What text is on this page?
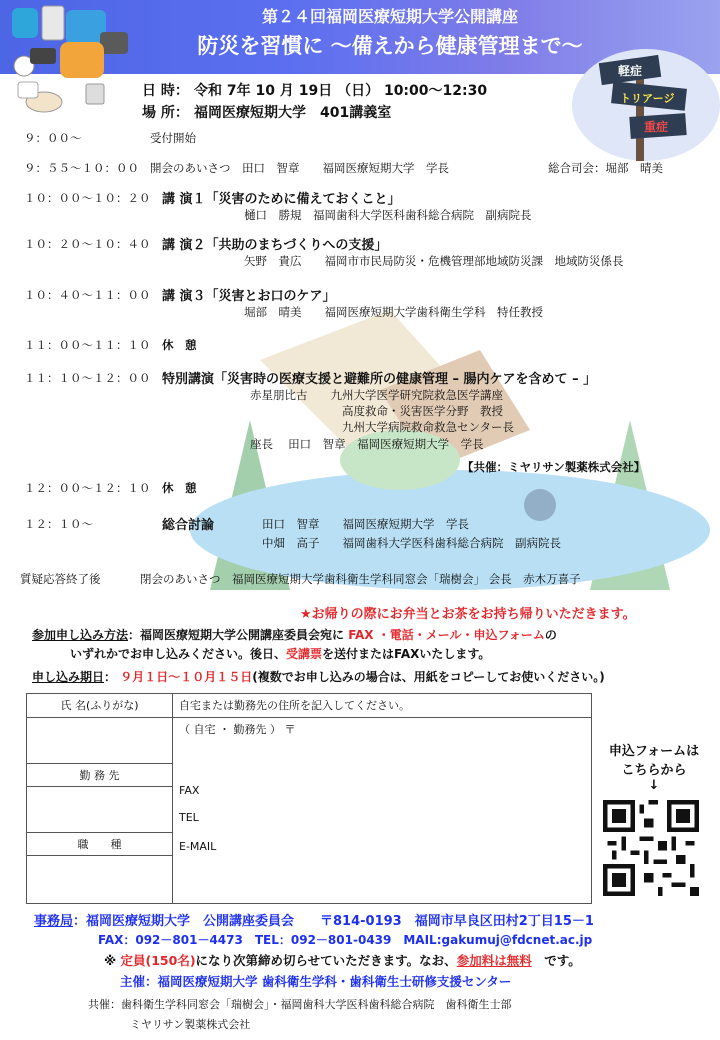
第２４回福岡医療短期大学公開講座
防災を習慣に ～備えから健康管理まで～
軽症
トリアージ
重症
日 時： 令和 7年 10 月 19日 （日） 10:00～12:30
場 所： 福岡医療短期大学　401講義室
９：００～	受付開始
９：５５～１０：００ 開会のあいさつ　田口　智章　　福岡医療短期大学　学長	総合司会：堀部　晴美
１０：００～１０：２０ 講 演１「災害のために備えておくこと」
樋口　勝規　福岡歯科大学医科歯科総合病院　副病院長
１０：２０～１０：４０ 講 演２「共助のまちづくりへの支援」
矢野　貴広　　福岡市市民局防災・危機管理部地域防災課　地域防災係長
１０：４０～１１：００ 講 演３「災害とお口のケア」
堀部　晴美　　福岡医療短期大学歯科衛生学科　特任教授
１１：００～１１：１０ 休　憩
１１：１０～１２：００ 特別講演「災害時の医療支援と避難所の健康管理 – 腸内ケアを含めて – 」
赤星朋比古　　九州大学医学研究院救急医学講座
高度救命・災害医学分野　教授
九州大学病院救命救急センター長
座長　 田口　智章　福岡医療短期大学　学長
【共催：ミヤリサン製薬株式会社】
１２：００～１２：１０ 休　憩
１２：１０～	総合討論	田口　智章　　福岡医療短期大学　学長
中畑　高子　　福岡歯科大学医科歯科総合病院　副病院長
質疑応答終了後	閉会のあいさつ　福岡医療短期大学歯科衛生学科同窓会「瑞樹会」 会長　赤木万喜子
★お帰りの際にお弁当とお茶をお持ち帰りいただきます。
参加申し込み方法：福岡医療短期大学公開講座委員会宛に FAX ・電話・メール・申込フォームの
いずれかでお申し込みください。後日、受講票を送付またはFAXいたします。
申し込み期日： ９月１日～１０月１５日(複数でお申し込みの場合は、用紙をコピーしてお使いください。)
氏 名(ふりがな)	自宅または勤務先の住所を記入してください。

	（ 自宅 ・ 勤務先 ） 〒
FAX
TEL
E-MAIL

勤 務 先	

職　　種	

申込フォームは
こちらから
↓
事務局：福岡医療短期大学　公開講座委員会　　〒814-0193　福岡市早良区田村2丁目15－1
FAX：092－801－4473　TEL：092－801-0439　MAIL:gakumuj@fdcnet.ac.jp
※ 定員(150名)になり次第締め切らせていただきます。なお、参加料は無料　です。
主催：福岡医療短期大学 歯科衛生学科・歯科衛生士研修支援センター
共催：歯科衛生学科同窓会「瑞樹会」・福岡歯科大学医科歯科総合病院　歯科衛生士部
ミヤリサン製薬株式会社
